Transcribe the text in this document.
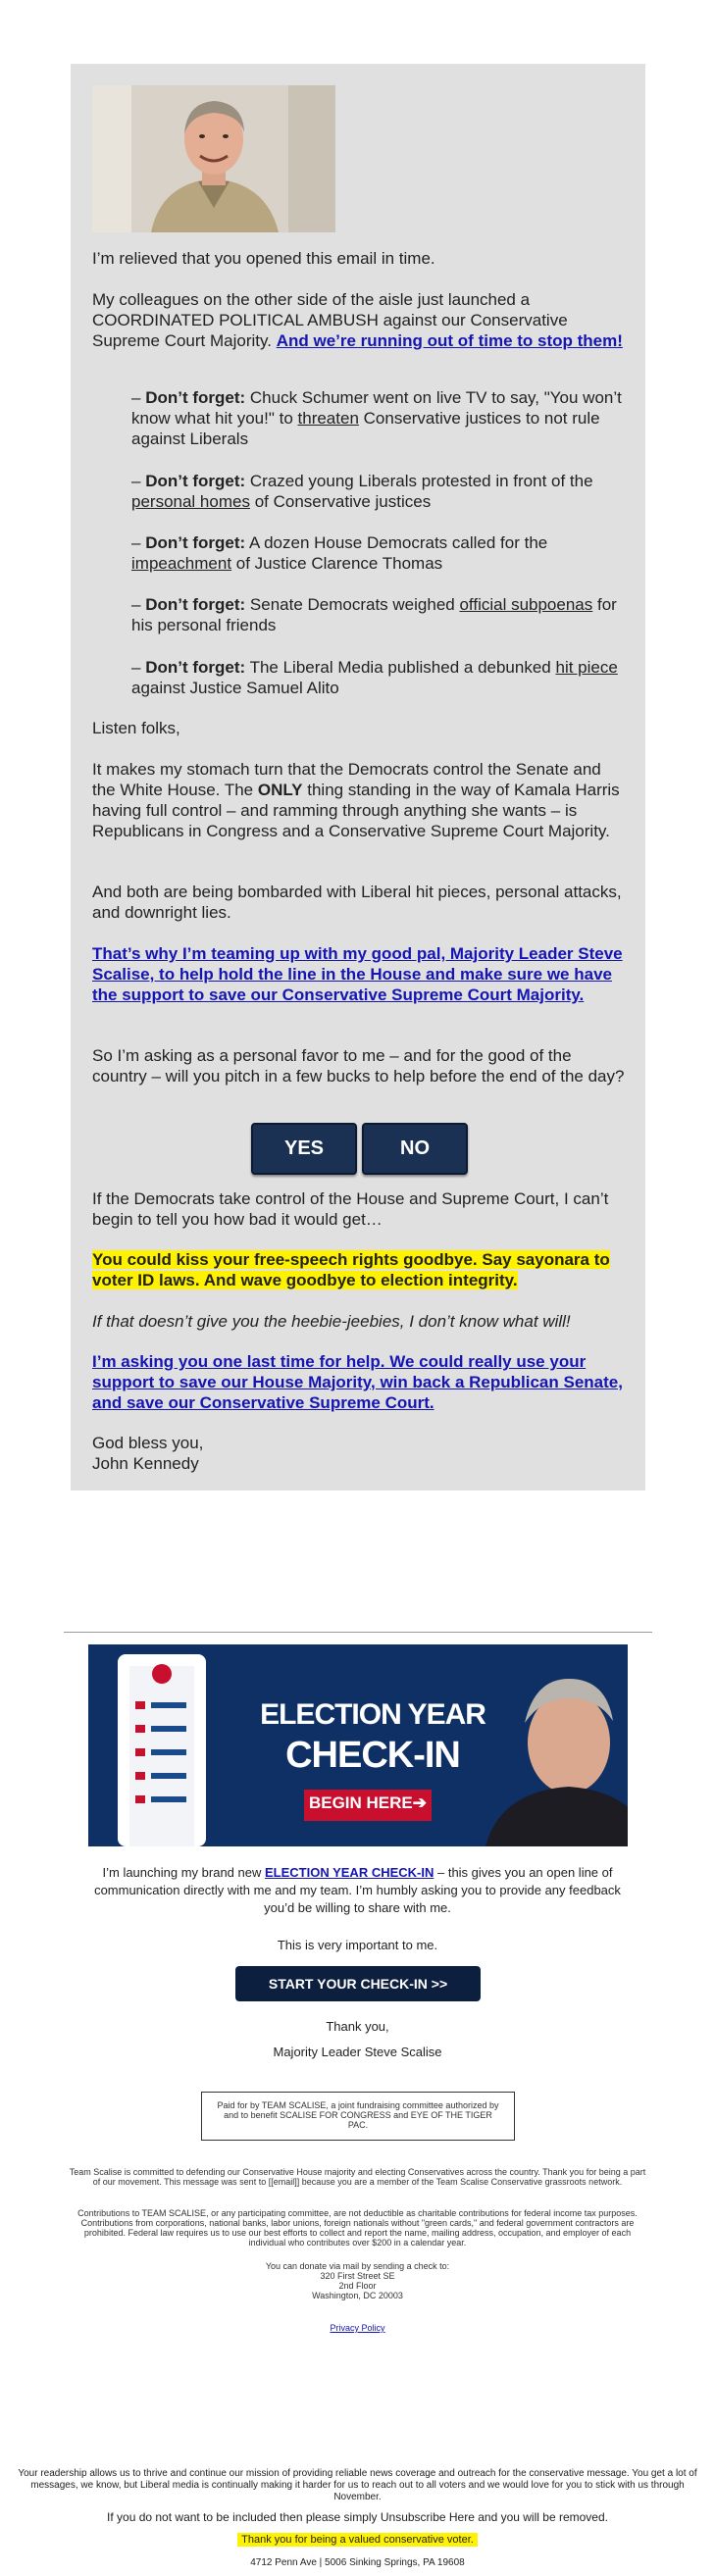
I’m relieved that you opened this email in time.
My colleagues on the other side of the aisle just launched a COORDINATED POLITICAL AMBUSH against our Conservative Supreme Court Majority. And we’re running out of time to stop them!
– Don’t forget: Chuck Schumer went on live TV to say, "You won’t know what hit you!" to threaten Conservative justices to not rule against Liberals
– Don’t forget: Crazed young Liberals protested in front of the personal homes of Conservative justices
– Don’t forget: A dozen House Democrats called for the impeachment of Justice Clarence Thomas
– Don’t forget: Senate Democrats weighed official subpoenas for his personal friends
– Don’t forget: The Liberal Media published a debunked hit piece against Justice Samuel Alito
Listen folks,
It makes my stomach turn that the Democrats control the Senate and the White House. The ONLY thing standing in the way of Kamala Harris having full control – and ramming through anything she wants – is Republicans in Congress and a Conservative Supreme Court Majority.
And both are being bombarded with Liberal hit pieces, personal attacks, and downright lies.
That’s why I’m teaming up with my good pal, Majority Leader Steve Scalise, to help hold the line in the House and make sure we have the support to save our Conservative Supreme Court Majority.
So I’m asking as a personal favor to me – and for the good of the country – will you pitch in a few bucks to help before the end of the day?
YES	NO
If the Democrats take control of the House and Supreme Court, I can’t begin to tell you how bad it would get…
You could kiss your free-speech rights goodbye. Say sayonara to voter ID laws. And wave goodbye to election integrity.
If that doesn’t give you the heebie-jeebies, I don’t know what will!
I’m asking you one last time for help. We could really use your support to save our House Majority, win back a Republican Senate, and save our Conservative Supreme Court.
God bless you,
John Kennedy
ELECTION YEAR
CHECK-IN
BEGIN HERE➔
I’m launching my brand new ELECTION YEAR CHECK-IN – this gives you an open line of communication directly with me and my team. I’m humbly asking you to provide any feedback you’d be willing to share with me.
This is very important to me.
START YOUR CHECK-IN >>
Thank you,
Majority Leader Steve Scalise
Paid for by TEAM SCALISE, a joint fundraising committee authorized by and to benefit SCALISE FOR CONGRESS and EYE OF THE TIGER PAC.
Team Scalise is committed to defending our Conservative House majority and electing Conservatives across the country. Thank you for being a part of our movement. This message was sent to [[email]] because you are a member of the Team Scalise Conservative grassroots network.
Contributions to TEAM SCALISE, or any participating committee, are not deductible as charitable contributions for federal income tax purposes. Contributions from corporations, national banks, labor unions, foreign nationals without "green cards," and federal government contractors are prohibited. Federal law requires us to use our best efforts to collect and report the name, mailing address, occupation, and employer of each individual who contributes over $200 in a calendar year.
You can donate via mail by sending a check to:
320 First Street SE
2nd Floor
Washington, DC 20003
Privacy Policy
Your readership allows us to thrive and continue our mission of providing reliable news coverage and outreach for the conservative message. You get a lot of messages, we know, but Liberal media is continually making it harder for us to reach out to all voters and we would love for you to stick with us through November.
If you do not want to be included then please simply Unsubscribe Here and you will be removed.
Thank you for being a valued conservative voter.
4712 Penn Ave | 5006 Sinking Springs, PA 19608
